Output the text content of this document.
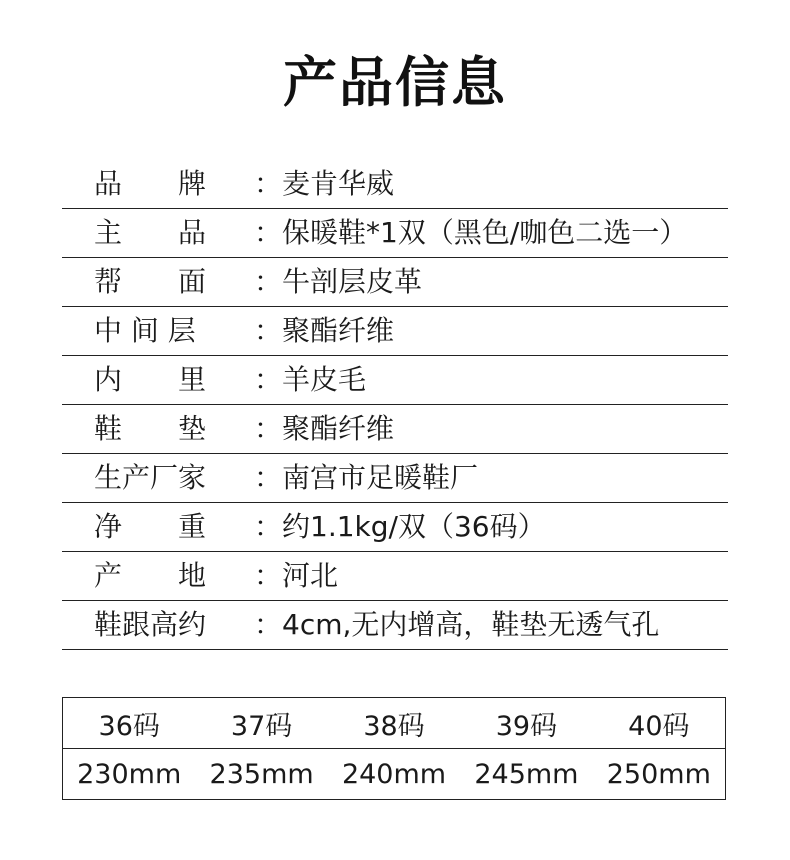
产品信息
品　　牌	： 麦肯华威
主　　品	： 保暖鞋*1双（黑色/咖色二选一）
帮　　面	： 牛剖层皮革
中 间 层	： 聚酯纤维
内　　里	： 羊皮毛
鞋　　垫	： 聚酯纤维
生产厂家	： 南宫市足暖鞋厂
净　　重	： 约1.1kg/双（36码）
产　　地	： 河北
鞋跟高约	： 4cm,无内增高，鞋垫无透气孔
36码	37码	38码	39码	40码
230mm	235mm	240mm	245mm	250mm
